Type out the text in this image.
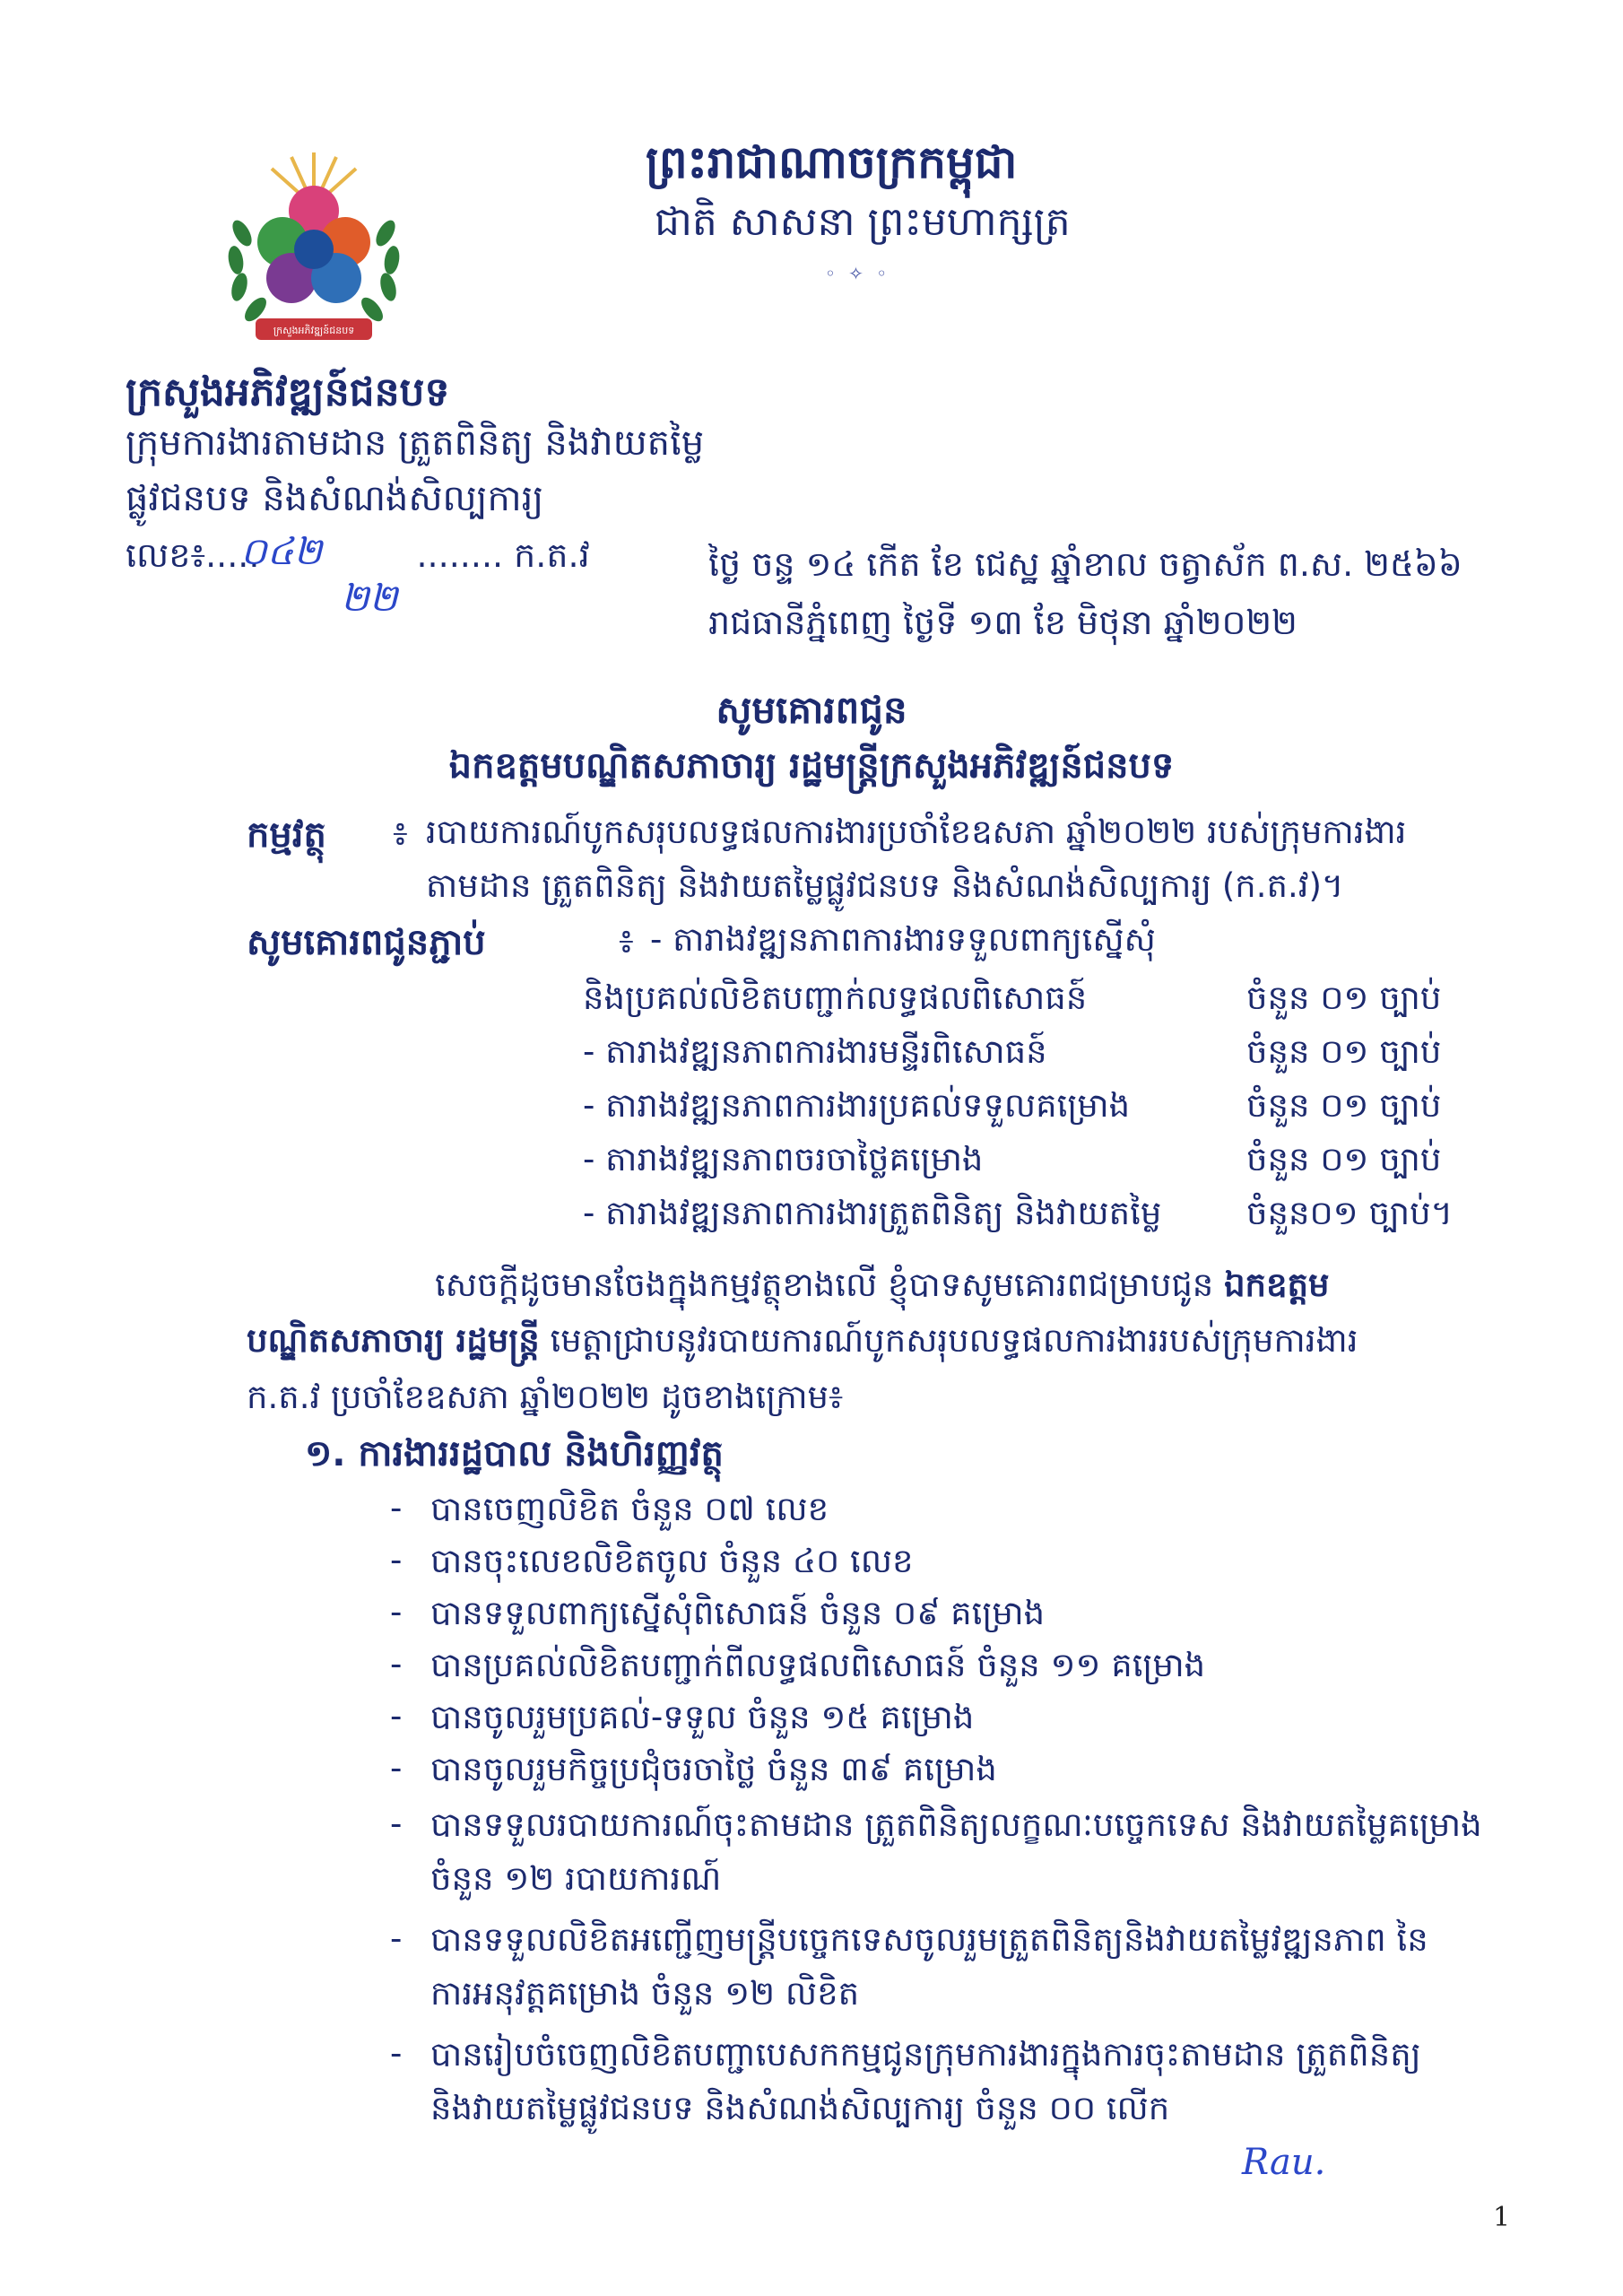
ព្រះរាជាណាចក្រកម្ពុជា
ជាតិ សាសនា ព្រះមហាក្សត្រ
◦ ✧ ◦
ក្រសួងអភិវឌ្ឍន៍ជនបទ
ក្រសួងអភិវឌ្ឍន៍ជនបទ
ក្រុមការងារតាមដាន ត្រួតពិនិត្យ និងវាយតម្លៃ
ផ្លូវជនបទ និងសំណង់សិល្បការ្យ
លេខ៖.....	........ ក.ត.វ
០៤២
២២
ថ្ងៃ ចន្ទ ១៤ កើត ខែ ជេស្ឋ ឆ្នាំខាល ចត្វាស័ក ព.ស. ២៥៦៦
រាជធានីភ្នំពេញ ថ្ងៃទី ១៣ ខែ មិថុនា ឆ្នាំ២០២២
សូមគោរពជូន
ឯកឧត្តមបណ្ឌិតសភាចារ្យ រដ្ឋមន្រ្តីក្រសួងអភិវឌ្ឍន៍ជនបទ
កម្មវត្ថុ ៖ របាយការណ៍បូកសរុបលទ្ធផលការងារប្រចាំខែឧសភា ឆ្នាំ២០២២ របស់ក្រុមការងារ
តាមដាន ត្រួតពិនិត្យ និងវាយតម្លៃផ្លូវជនបទ និងសំណង់សិល្បការ្យ (ក.ត.វ)។
សូមគោរពជូនភ្ជាប់	៖ - តារាងវឌ្ឍនភាពការងារទទួលពាក្យស្នើសុំ
និងប្រគល់លិខិតបញ្ជាក់លទ្ធផលពិសោធន៍	ចំនួន ០១ ច្បាប់
- តារាងវឌ្ឍនភាពការងារមន្ទីរពិសោធន៍	ចំនួន ០១ ច្បាប់
- តារាងវឌ្ឍនភាពការងារប្រគល់ទទួលគម្រោង	ចំនួន ០១ ច្បាប់
- តារាងវឌ្ឍនភាពចរចាថ្លៃគម្រោង	ចំនួន ០១ ច្បាប់
- តារាងវឌ្ឍនភាពការងារត្រួតពិនិត្យ និងវាយតម្លៃ	ចំនួន០១ ច្បាប់។
សេចក្ដីដូចមានចែងក្នុងកម្មវត្ថុខាងលើ ខ្ញុំបាទសូមគោរពជម្រាបជូន ឯកឧត្តម
បណ្ឌិតសភាចារ្យ រដ្ឋមន្ត្រី មេត្តាជ្រាបនូវរបាយការណ៍បូកសរុបលទ្ធផលការងាររបស់ក្រុមការងារ
ក.ត.វ ប្រចាំខែឧសភា ឆ្នាំ២០២២ ដូចខាងក្រោម៖
១. ការងាររដ្ឋបាល និងហិរញ្ញវត្ថុ
- បានចេញលិខិត ចំនួន ០៧ លេខ
- បានចុះលេខលិខិតចូល ចំនួន ៤០ លេខ
- បានទទួលពាក្យស្នើសុំពិសោធន៍ ចំនួន ០៩ គម្រោង
- បានប្រគល់លិខិតបញ្ជាក់ពីលទ្ធផលពិសោធន៍ ចំនួន ១១ គម្រោង
- បានចូលរួមប្រគល់-ទទួល ចំនួន ១៥ គម្រោង
- បានចូលរួមកិច្ចប្រជុំចរចាថ្លៃ ចំនួន ៣៩ គម្រោង
- បានទទួលរបាយការណ៍ចុះតាមដាន ត្រួតពិនិត្យលក្ខណៈបច្ចេកទេស និងវាយតម្លៃគម្រោង
ចំនួន ១២ របាយការណ៍
- បានទទួលលិខិតអញ្ជើញមន្ត្រីបច្ចេកទេសចូលរួមត្រួតពិនិត្យនិងវាយតម្លៃវឌ្ឍនភាព នៃ
ការអនុវត្តគម្រោង ចំនួន ១២ លិខិត
- បានរៀបចំចេញលិខិតបញ្ជាបេសកកម្មជូនក្រុមការងារក្នុងការចុះតាមដាន ត្រួតពិនិត្យ
និងវាយតម្លៃផ្លូវជនបទ និងសំណង់សិល្បការ្យ ចំនួន ០០ លើក
Rau.
1
